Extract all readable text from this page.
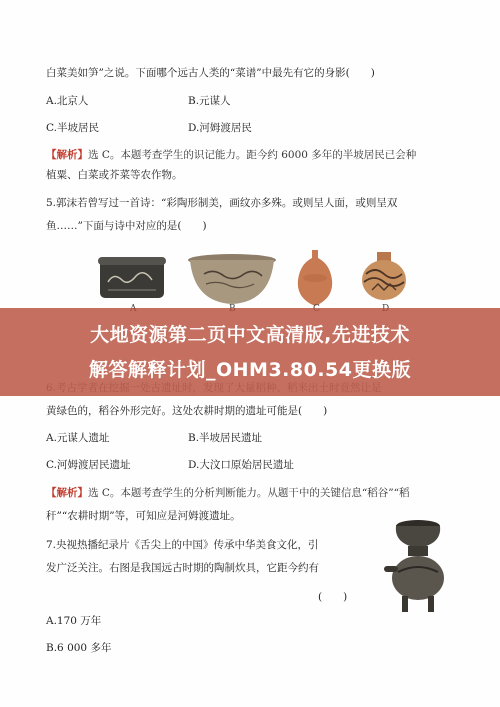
白菜美如笋”之说。下面哪个远古人类的“菜谱”中最先有它的身影(　　)
A.北京人	B.元谋人
C.半坡居民	D.河姆渡居民
【解析】选 C。本题考查学生的识记能力。距今约 6000 多年的半坡居民已会种
植粟、白菜或芥菜等农作物。
5.郭沫若曾写过一首诗：“彩陶形制美，画纹亦多殊。或则呈人面，或则呈双
鱼……”下面与诗中对应的是(　　)
大地资源第二页中文高清版,先进技术
解答解释计划_OHM3.80.54更换版
黄绿色的，稻谷外形完好。这处农耕时期的遗址可能是(　　)
A.元谋人遗址	B.半坡居民遗址
C.河姆渡居民遗址	D.大汶口原始居民遗址
【解析】选 C。本题考查学生的分析判断能力。从题干中的关键信息“稻谷”“稻
秆”“农耕时期”等，可知应是河姆渡遗址。
7.央视热播纪录片《舌尖上的中国》传承中华美食文化，引
发广泛关注。右图是我国远古时期的陶制炊具，它距今约有
(　　)
A.170 万年
B.6 000 多年
